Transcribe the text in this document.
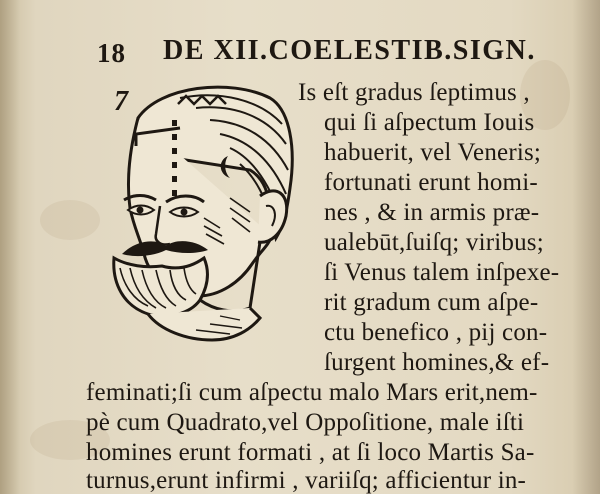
18 DE XII.COELESTIB.SIGN.
7	Is eſt gradus ſeptimus ,
qui ſi aſpectum Iouis
habuerit, vel Veneris;
fortunati erunt homi-
nes , & in armis præ-
ualebūt,ſuiſq; viribus;
ſi Venus talem inſpexe-
rit gradum cum aſpe-
ctu benefico , pij con-
ſurgent homines,& ef-
feminati;ſi cum aſpectu malo Mars erit,nem-
pè cum Quadrato,vel Oppoſitione, male iſti
homines erunt formati , at ſi loco Martis Sa-
turnus,erunt infirmi , variiſq; afficientur in-
